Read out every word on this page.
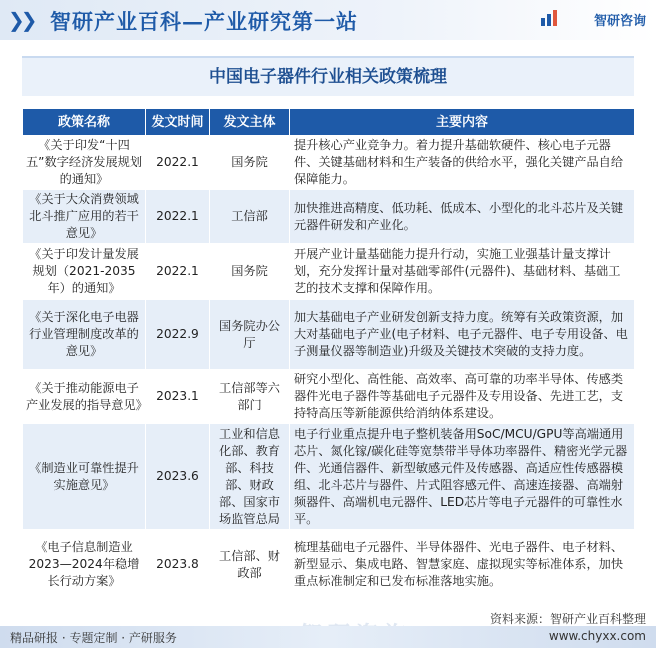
❯❯ 智研产业百科—产业研究第一站	智研咨询
中国电子器件行业相关政策梳理
政策名称	发文时间	发文主体	主要内容
《关于印发“十四五”数字经济发展规划的通知》	2022.1	国务院	提升核心产业竞争力。着力提升基础软硬件、核心电子元器件、关键基础材料和生产装备的供给水平，强化关键产品自给保障能力。
《关于大众消费领域北斗推广应用的若干意见》	2022.1	工信部	加快推进高精度、低功耗、低成本、小型化的北斗芯片及关键元器件研发和产业化。
《关于印发计量发展规划（2021-2035年）的通知》	2022.1	国务院	开展产业计量基础能力提升行动，实施工业强基计量支撑计划，充分发挥计量对基础零部件(元器件)、基础材料、基础工艺的技术支撑和保障作用。
《关于深化电子电器行业管理制度改革的意见》	2022.9	国务院办公厅	加大基础电子产业研发创新支持力度。统筹有关政策资源，加大对基础电子产业(电子材料、电子元器件、电子专用设备、电子测量仪器等制造业)升级及关键技术突破的支持力度。
《关于推动能源电子产业发展的指导意见》	2023.1	工信部等六部门	研究小型化、高性能、高效率、高可靠的功率半导体、传感类器件光电子器件等基础电子元器件及专用设备、先进工艺，支持特高压等新能源供给消纳体系建设。
《制造业可靠性提升实施意见》	2023.6	工业和信息化部、教育部、科技部、财政部、国家市场监管总局	电子行业重点提升电子整机装备用SoC/MCU/GPU等高端通用芯片、氮化镓/碳化硅等宽禁带半导体功率器件、精密光学元器件、光通信器件、新型敏感元件及传感器、高适应性传感器模组、北斗芯片与器件、片式阻容感元件、高速连接器、高端射频器件、高端机电元器件、LED芯片等电子元器件的可靠性水平。
《电子信息制造业2023—2024年稳增长行动方案》	2023.8	工信部、财政部	梳理基础电子元器件、半导体器件、光电子器件、电子材料、新型显示、集成电路、智慧家庭、虚拟现实等标准体系，加快重点标准制定和已发布标准落地实施。
资料来源：智研产业百科整理
精品研报 · 专题定制 · 产研服务	www.chyxx.com
